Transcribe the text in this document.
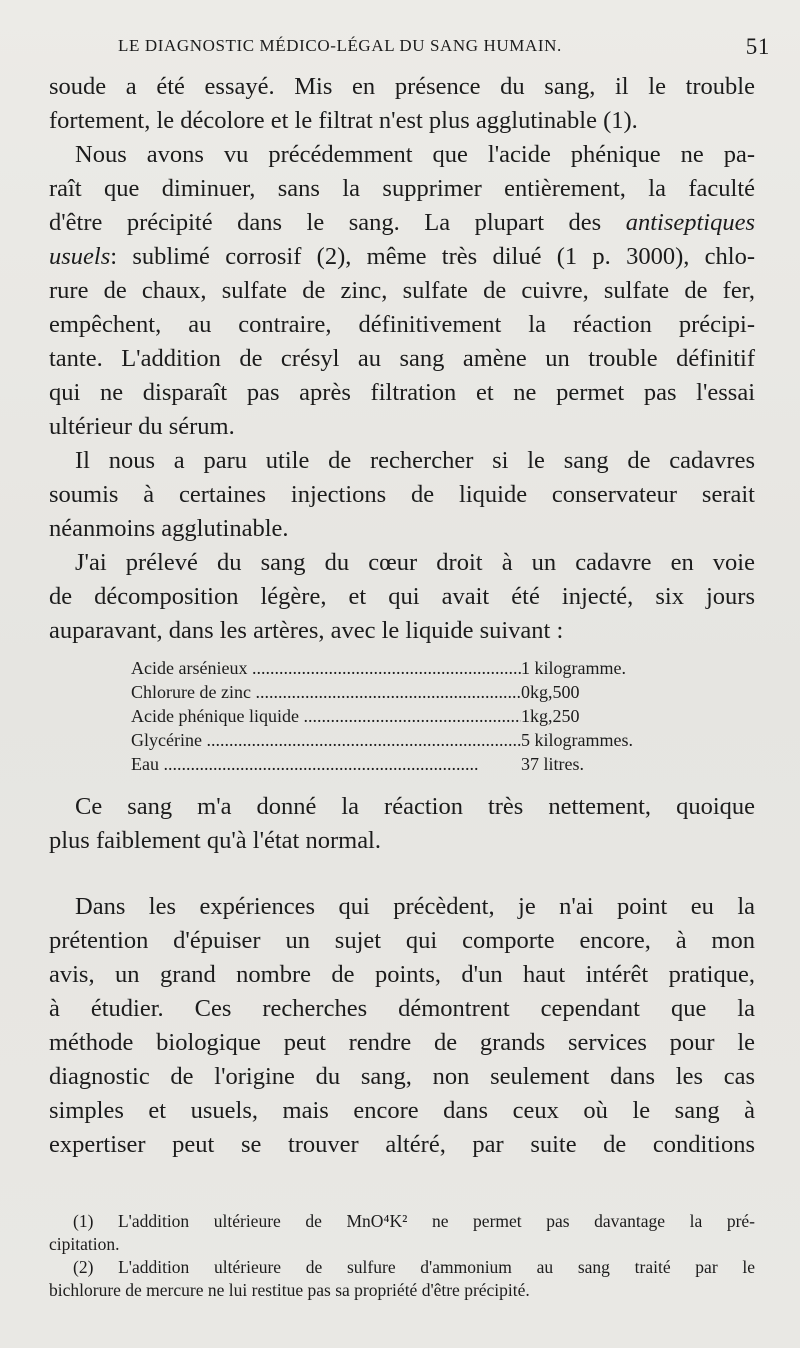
LE DIAGNOSTIC MÉDICO-LÉGAL DU SANG HUMAIN.	51
soude a été essayé. Mis en présence du sang, il le trouble
fortement, le décolore et le filtrat n'est plus agglutinable (1).
Nous avons vu précédemment que l'acide phénique ne pa-
raît que diminuer, sans la supprimer entièrement, la faculté
d'être précipité dans le sang. La plupart des antiseptiques
usuels: sublimé corrosif (2), même très dilué (1 p. 3000), chlo-
rure de chaux, sulfate de zinc, sulfate de cuivre, sulfate de fer,
empêchent, au contraire, définitivement la réaction précipi-
tante. L'addition de crésyl au sang amène un trouble définitif
qui ne disparaît pas après filtration et ne permet pas l'essai
ultérieur du sérum.
Il nous a paru utile de rechercher si le sang de cadavres
soumis à certaines injections de liquide conservateur serait
néanmoins agglutinable.
J'ai prélevé du sang du cœur droit à un cadavre en voie
de décomposition légère, et qui avait été injecté, six jours
auparavant, dans les artères, avec le liquide suivant :
Acide arsénieux .....	1 kilogramme.
Chlorure de zinc .....	0kg,500
Acide phénique liquide .....	1kg,250
Glycérine .....	5 kilogrammes.
Eau .....	37 litres.
Ce sang m'a donné la réaction très nettement, quoique
plus faiblement qu'à l'état normal.
Dans les expériences qui précèdent, je n'ai point eu la
prétention d'épuiser un sujet qui comporte encore, à mon
avis, un grand nombre de points, d'un haut intérêt pratique,
à étudier. Ces recherches démontrent cependant que la
méthode biologique peut rendre de grands services pour le
diagnostic de l'origine du sang, non seulement dans les cas
simples et usuels, mais encore dans ceux où le sang à
expertiser peut se trouver altéré, par suite de conditions
(1) L'addition ultérieure de MnO⁴K² ne permet pas davantage la pré-
cipitation.
(2) L'addition ultérieure de sulfure d'ammonium au sang traité par le
bichlorure de mercure ne lui restitue pas sa propriété d'être précipité.
